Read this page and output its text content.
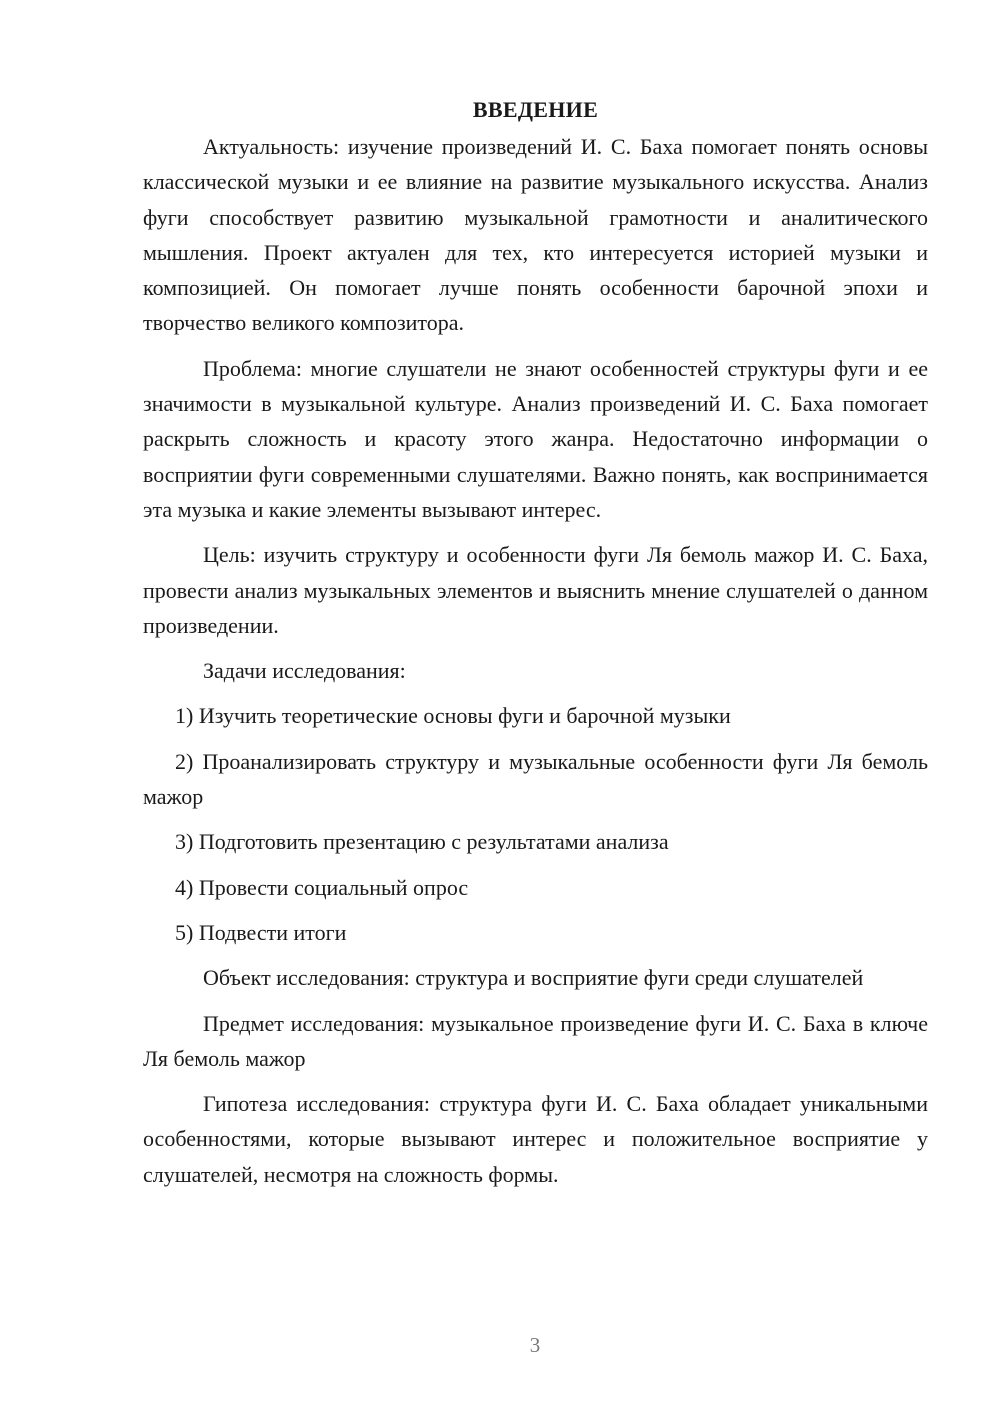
ВВЕДЕНИЕ

Актуальность: изучение произведений И. С. Баха помогает понять основы классической музыки и ее влияние на развитие музыкального искусства. Анализ фуги способствует развитию музыкальной грамотности и аналитического мышления. Проект актуален для тех, кто интересуется историей музыки и композицией. Он помогает лучше понять особенности барочной эпохи и творчество великого композитора.

Проблема: многие слушатели не знают особенностей структуры фуги и ее значимости в музыкальной культуре. Анализ произведений И. С. Баха помогает раскрыть сложность и красоту этого жанра. Недостаточно информации о восприятии фуги современными слушателями. Важно понять, как воспринимается эта музыка и какие элементы вызывают интерес.

Цель: изучить структуру и особенности фуги Ля бемоль мажор И. С. Баха, провести анализ музыкальных элементов и выяснить мнение слушателей о данном произведении.

Задачи исследования:

1) Изучить теоретические основы фуги и барочной музыки

2) Проанализировать структуру и музыкальные особенности фуги Ля бемоль мажор

3) Подготовить презентацию с результатами анализа

4) Провести социальный опрос

5) Подвести итоги

Объект исследования: структура и восприятие фуги среди слушателей

Предмет исследования: музыкальное произведение фуги И. С. Баха в ключе Ля бемоль мажор

Гипотеза исследования: структура фуги И. С. Баха обладает уникальными особенностями, которые вызывают интерес и положительное восприятие у слушателей, несмотря на сложность формы.

3
